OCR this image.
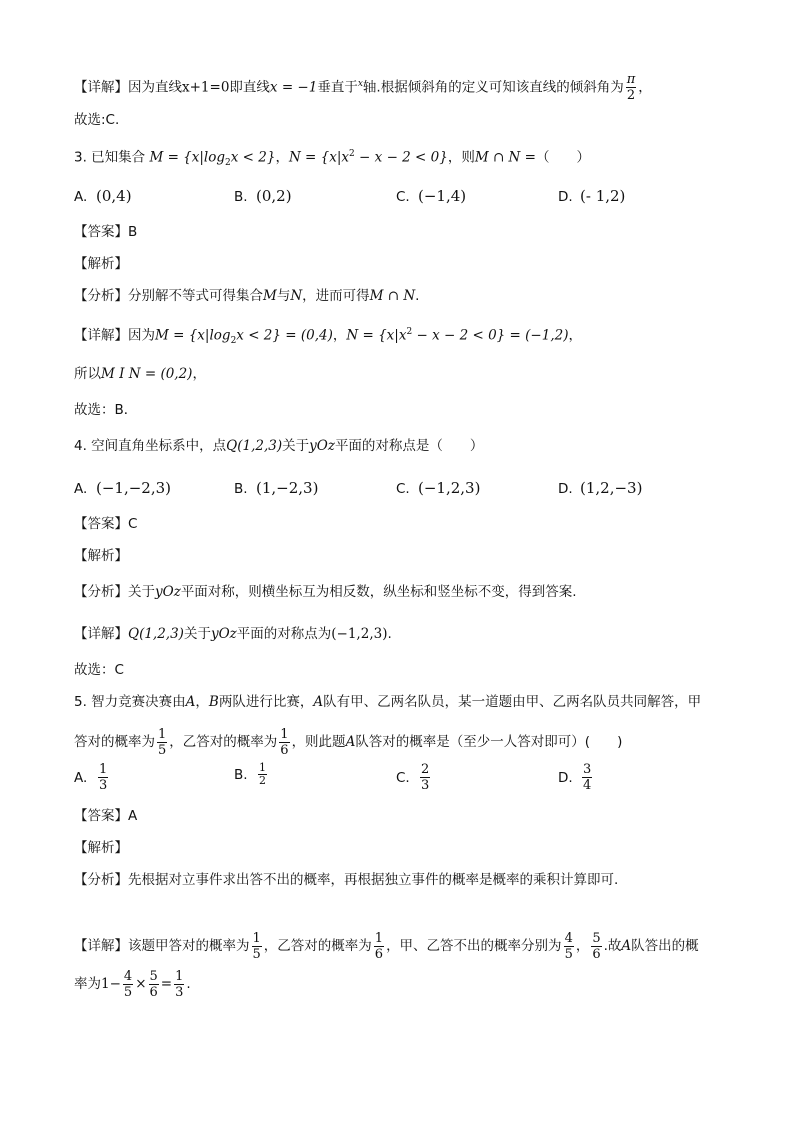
【详解】因为直线x+1=0即直线x = −1垂直于$^x$轴.根据倾斜角的定义可知该直线的倾斜角为 $\frac{\pi}{2}$ ，
故选:C.
3. 已知集合 $M = \{x|\log_2x < 2\}$，$N = \{x|x^2 - x - 2 < 0\}$，则M ∩ N =（　　）
A. (0,4)	B. (0,2)	C. (−1,4)	D. (- 1,2)
【答案】B
【解析】
【分析】分别解不等式可得集合M与N，进而可得M ∩ N.
【详解】因为$M = \{x|\log_2x < 2\} = (0,4)$，$N = \{x|x^2 - x - 2 < 0\} = (-1,2)$，
所以M I N = (0,2)，
故选：B．
4. 空间直角坐标系中，点Q(1,2,3)关于yOz平面的对称点是（　　）
A. (−1,−2,3)	B. (1,−2,3)	C. (−1,2,3)	D. (1,2,−3)
【答案】C
【解析】
【分析】关于yOz平面对称，则横坐标互为相反数，纵坐标和竖坐标不变，得到答案.
【详解】Q(1,2,3)关于yOz平面的对称点为(−1,2,3).
故选：C
5. 智力竞赛决赛由A，B两队进行比赛，A队有甲、乙两名队员，某一道题由甲、乙两名队员共同解答，甲
答对的概率为 $\frac{1}{5}$ ，乙答对的概率为 $\frac{1}{6}$ ，则此题A队答对的概率是（至少一人答对即可）(　　)
A. $\frac{1}{3}$	B. $\frac{1}{2}$	C. $\frac{2}{3}$	D. $\frac{3}{4}$
【答案】A
【解析】
【分析】先根据对立事件求出答不出的概率，再根据独立事件的概率是概率的乘积计算即可.
【详解】该题甲答对的概率为 $\frac{1}{5}$ ，乙答对的概率为 $\frac{1}{6}$ ，甲、乙答不出的概率分别为 $\frac{4}{5}$ ， $\frac{5}{6}$ .故A队答出的概
率为$1- \frac{4}{5} \times \frac{5}{6} = \frac{1}{3}$ .
